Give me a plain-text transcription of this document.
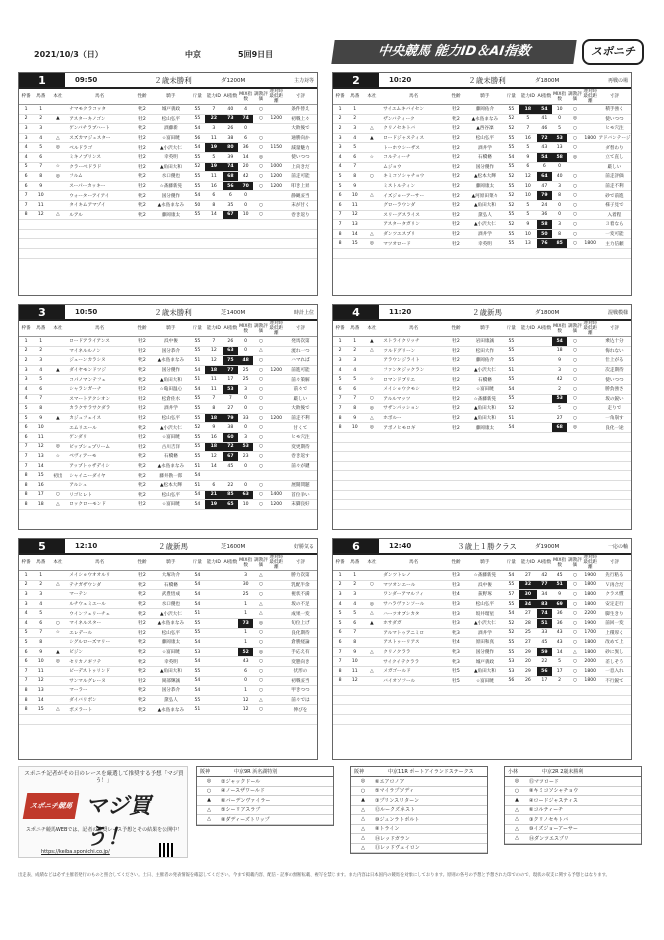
2021/10/3（日）	中京	5回9日目	中央競馬 能力ID＆AI指数	スポニチ
1	09:50	２歳未勝利	ダ1200M	主力対等
枠番	馬番	本社	馬名	性齢	騎手	斤量	能力ID	AI指数	MIX指数	調教評価	連対時最低距離	寸評
1	1		ナマモクラコッタ	牝2	城戸義政	55	7	40	4	○		条件替え
2	2	▲	アスターキノゴン	牡2	松山弘平	55	22	73	74	○	1200	初戦上々
3	3		ゲンバチラブハート	牝2	酒藤新	54	3	26	0			大敗後で
3	4	△	スズカマジュスター	牡2	☆富田暁	56	11	38	6	○		通勝向か
4	5	◎	ベルドラゴ	牡2	▲小沢大仁	54	19	80	36	○	1150	減量魅力
4	6		ミキノプリンス	牡2	幸英明	55	5	39	14	◎		使いつつ
5	7	☆	クラーベドラド	牡2	▲角田大和	52	19	74	20	○	1000	上向きだ
6	8	◎	フルム	牝2	水口優也	55	11	68	42	○	1200	前走可能
6	9		スーパーカッキー	牡2	☆斎藤新晃	55	16	56	70	○	1200	叩き上昇
7	10		ウォーターアイアイ	牝2	国分優作	54	6	6	0			静観妥当
7	11		タイキムアマゾイ	牝2	▲永島まなみ	50	8	35	0	○		末が甘く
8	12	△	ルアル	牝2	藤岡康太	55	14	67	10	○		巻き返り

2	10:20	２歳未勝利	ダ1800M	再戦の場
枠番	馬番	本社	馬名	性齢	騎手	斤量	能力ID	AI指数	MIX指数	調教評価	連対時最低距離	寸評
1	1		サイエムキバイセン	牡2	藤岡佑介	55	18	54	10	○		積手強く
2	2		ザンバティーク	牝2	▲永島まなみ	52	5	41	0	◎		使いつつ
2	3	△	クリノセキトバ	牡2	▲西谷凜	52	7	46	5	○		ヒモ穴注
3	4	▲	ロードジャスティス	牡2	松山弘平	55	16	72	53	○	1800	アドバンテージ
3	5		トーホウシーザス	牡2	酒井学	55	5	43	13	○		ダ替わり
4	6	☆	コルティーチ	牡2	石橋脩	54	9	54	58	◎		立て直し
4	7		ムジョウ	牡2	国分優作	55	6	6	0			厳しい
5	8	○	キミコソシャチョウ	牡2	▲松本大輝	52	12	64	40	○		前走評価
5	9		ミストルティン	牡2	藤岡康太	55	10	47	3	○		前走不利
6	10	△	イズジョーアーサー	牡2	▲河原田菜々	52	10	79	8	○		砂で前進
6	11		グローラウンダ	牡2	▲角田大和	52	5	24	0	○		様子見で
7	12		スリーグスライス	牡2	黛弘人	55	5	36	0	○		入着程
7	13		アスタータガリン	牡2	▲小沢大仁	52	9	58	3	○		３着なら
8	14	△	ダンツエスプリ	牡2	酒井学	55	10	50	8	○		一変可能
8	15	◎	マツオロード	牡2	幸英明	55	13	76	85	○	1800	主力信頼

3	10:50	２歳未勝利	芝1400M	時計上位
枠番	馬番	本社	馬名	性齢	騎手	斤量	能力ID	AI指数	MIX指数	調教評価	連対時最低距離	寸評
1	1		ロードアライアンス	牡2	浜中俊	55	7	26	0	○		発馬次第
2	2		マイネルルノン	牡2	国分恭介	55	12	63	0	△		流れ一つ
2	3		ジェーンカラシヌ	牝2	▲永島まなみ	51	12	75	48	○		ハマれば
3	4	▲	ダイヤモンドツジ	牝2	国分優作	54	18	77	25	○	1200	前進可能
3	5		コパノマンテフェ	牝2	▲角田大和	51	11	17	25	○		前々策解
4	6		シャランガーナ	牡2	☆亀田温心	54	11	53	3	○		前々で
4	7		スマートアクシオン	牡2	松倉佐水	55	7	7	0	○		厳しい
5	8		カラクサラサクダラ	牡2	酒井学	55	8	27	0	○		大敗後で
5	9	▲	カジュフェイス	牡2	松山弘平	55	18	79	33	○	1200	前走不利
6	10		エムリエール	牝2	▲小沢大仁	52	9	38	0	○		甘くて
6	11		ゲンダリ	牡2	☆富田暁	55	16	60	3	○		ヒモ穴注
7	12	◎	ビップシュプリーム	牡2	古川吉洋	55	18	72	53	○		変更期待
7	13	☆	ベヴィアーモ	牝2	石橋脩	55	12	67	23	○		巻き返す
7	14		アップトゥザデイシ	牝2	▲永島まなみ	51	14	45	0	○		前々が鍵
8	15	初出	シャイニーダイヤ	牝2	藤井勘一郎	54						
8	16		アルシュ	牝2	▲松本大輝	51	6	22	0	○		展開問題
8	17	○	リゴヒレト	牝2	松山弘平	54	21	85	63	○	1400	首位争い
8	18	△	ロックローモンド	牡2	☆富田暁	54	19	65	10	○	1200	末脚良好
4	11:20	２歳新馬	ダ1800M	混戦模様
枠番	馬番	本社	馬名	性齢	騎手	斤量	能力ID	AI指数	MIX指数	調教評価	連対時最低距離	寸評
1	1	▲	ストライクリッチ	牡2	岩田康誠	55			54	○		乗込十分
2	2	△	ツルドグリーン	牡2	松田大作	55			18	○		侮れない
3	3		アラウンジライト	牡2	藤岡佑介	55			9	○		仕上がる
4	4		ファンタジックラン	牡2	▲小沢大仁	51			3	○		次走期待
5	5	☆	ロマンドブリエ	牡2	石橋脩	55			42	○		使いつつ
6	6		メイショウクモシ	牡2	☆富田暁	54			2	○		勝負強さ
7	7	○	アルルマッツ	牡2	☆斎藤新晃	55			53	○		坂の鋭い
7	8	◎	サザンパッション	牡2	▲角田大和	52			5	○		走りで
8	9	△	ホボルー	牡2	▲角田大和	51			27	○		一角崩す
8	10	◎	アポノヒモロギ	牡2	藤岡康太	54			68	◎		良化一途

5	12:10	２歳新馬	芝1600M	好勝気る
枠番	馬番	本社	馬名	性齢	騎手	斤量	能力ID	AI指数	MIX指数	調教評価	連対時最低距離	寸評
1	1		メイショウオオルリ	牡2	大塚功介	54			3	△		勝力次第
2	2	△	テナガザウンダ	牝2	石橋脩	54			30	○		乳配半余
3	3		マーテン	牝2	武豊悟成	54			25	○		視状不満
3	4		ルチウェミエール	牝2	水口優也	54			1	△		坂の不足
4	5		ウインフェリーチェ	牝2	▲小沢大仁	51			1	△		成果一変
4	6	○	マイネルスター	牡2	▲永島まなみ	55			73	◎		旬位上げ
5	7	☆	エレデール	牡2	松山弘平	55			1	○		良化期待
5	8		シグルローズマリー	牝2	藤岡康太	54			1	○		倉勝経論
6	9	▲	ビジン	牝2	☆富田暁	53			52	◎		手応え有
6	10	◎	セリカノギフテ	牝2	幸英明	54			43	○		変態向き
7	11		ピーデストゥリンド	牝2	▲角田大和	55			6	○		伏形の
7	12		サンマルグレーヌ	牡2	岡部輝誠	54			0	○		初戦妥当
8	13		マーラー	牝2	国分恭介	54			1	○		甲きつつ
8	14		ダイバリボン	牝2	黛弘人	55			12	△		前々では
8	15	△	ボメラート	牝2	▲永島まなみ	51			12	○		伸びを

6	12:40	３歳上１勝クラス	ダ1900M	一応の軸
枠番	馬番	本社	馬名	性齢	騎手	斤量	能力ID	AI指数	MIX指数	調教評価	連対時最低距離	寸評
1	1		ダンツトレノ	牡3	☆斎藤新晃	54	27	42	45	○	1900	先行粘る
2	2	○	マツオンエール	牡3	浜中俊	55	32	77	51	○	1800	Ｖ再合だ
3	3		ワンダーアマルフィ	牡4	荻野琢	57	30	34	9	○	1800	クラス慣
4	4	◎	サハラヴァンソール	牡3	松山弘平	55	34	83	69	○	1800	安定走行
5	5	△	ハーツオブシカタ	牡3	坂井瑠星	54	27	74	36	○	2200	脚生きり
5	6	▲	ホサダガ	牡3	▲小沢大仁	52	28	51	36	○	1900	前回一変
6	7		アルマトゥアニミロ	牝3	酒井学	52	25	33	43	○	1700	上積厚く
6	8		アストゥーリアス	牡4	原田和真	55	27	45	43	○	1800	改めて上
7	9	△	クリノクララ	牝3	国分優作	55	29	59	14	△	1800	砂に異し
7	10		サイクイテクララ	牝3	城戸義政	53	20	22	5	○	2000	差しそう
8	11	△	メガゴールド	牡5	▲角田大和	53	29	56	17	○	1800	一息入れ
8	12		バイオソフール	牡5	☆富田暁	56	26	17	2	○	1800	不行鋭て

スポニチ記者がその日のレースを厳選して推奨する予想「マジ買う！」
スポニチ競馬 マジ買う！
スポニチ競馬WEBでは、記者の推奨レース予想とその結果を公開中！
https://keiba.sponichi.co.jp/
阪神	中京9R 浜名湖特別
◎	②ジャックドール
○	④ノースザワールド
▲	⑥バーデンヴァイラー
△	⑤シーリアスラブ
△	⑧ダディーズトリップ
阪神	中京11R ポートアイランドステークス
◎	⑥エアロノア
○	⑤マイラプソディ
▲	③プリンスリターン
△	⑫ルークズネスト
△	⑩ジュンラトボルト
△	⑧トライン
△	⑭レッドガラン
△	⑪レッドヴェイロン
小林	中京2R 2歳未勝利
◎	⑮マツロード
○	⑧キミコソシャチョウ
▲	④ロードジャスティス
△	⑥コルティーチ
△	③クリノセキトバ
△	⑩イズジョーアーサー
△	⑭ダンツエスプリ
出走表、成績などは必ず主催者発行のものと照合してください。土日、主催者の発表情報を確認してください。今まで掲載内容、配信・記事の無断転載、複写を禁じます。また内容は日本国内の競馬を対象にしております。原則の各号の予想と予想された印でのので、現状の収支に関する予想とはなります。
